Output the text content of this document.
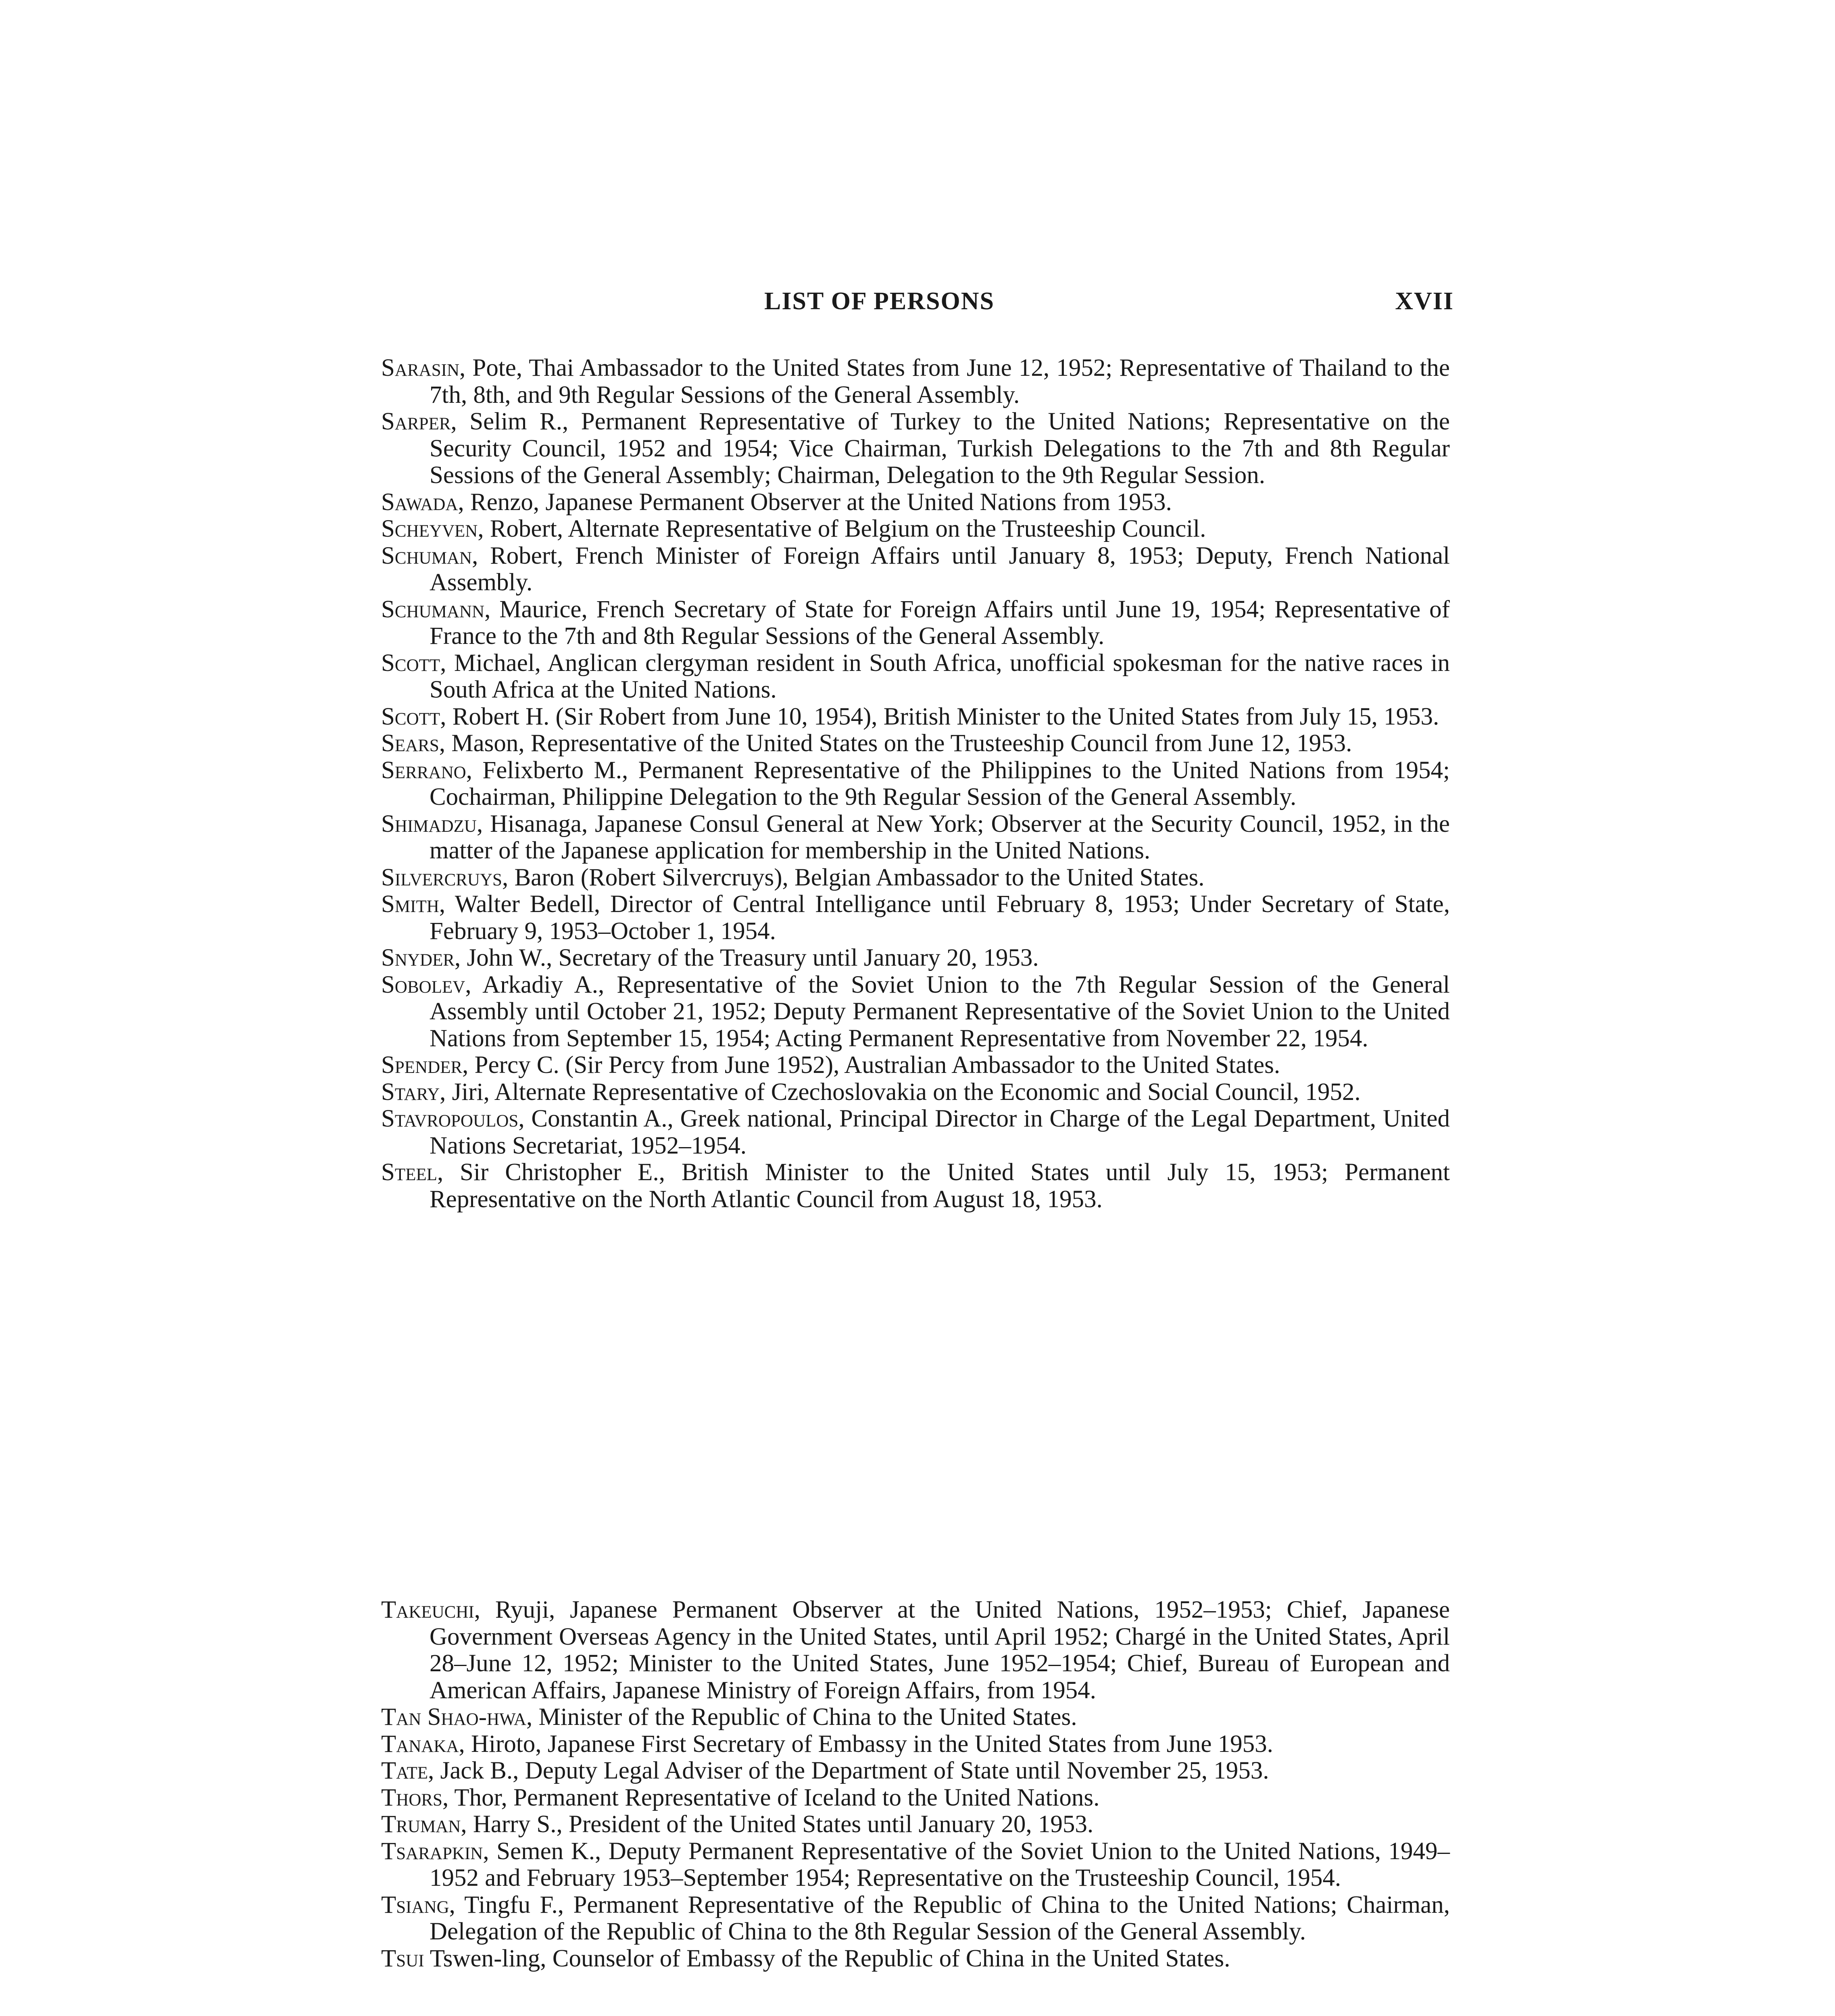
LIST OF PERSONS	XVII

Sarasin, Pote, Thai Ambassador to the United States from June 12, 1952; Representative of Thailand to the 7th, 8th, and 9th Regular Sessions of the General Assembly.

Sarper, Selim R., Permanent Representative of Turkey to the United Nations; Representative on the Security Council, 1952 and 1954; Vice Chairman, Turkish Delegations to the 7th and 8th Regular Sessions of the General Assembly; Chairman, Delegation to the 9th Regular Session.

Sawada, Renzo, Japanese Permanent Observer at the United Nations from 1953.

Scheyven, Robert, Alternate Representative of Belgium on the Trusteeship Council.

Schuman, Robert, French Minister of Foreign Affairs until January 8, 1953; Deputy, French National Assembly.

Schumann, Maurice, French Secretary of State for Foreign Affairs until June 19, 1954; Representative of France to the 7th and 8th Regular Sessions of the General Assembly.

Scott, Michael, Anglican clergyman resident in South Africa, unofficial spokesman for the native races in South Africa at the United Nations.

Scott, Robert H. (Sir Robert from June 10, 1954), British Minister to the United States from July 15, 1953.

Sears, Mason, Representative of the United States on the Trusteeship Council from June 12, 1953.

Serrano, Felixberto M., Permanent Representative of the Philippines to the United Nations from 1954; Cochairman, Philippine Delegation to the 9th Regular Session of the General Assembly.

Shimadzu, Hisanaga, Japanese Consul General at New York; Observer at the Security Council, 1952, in the matter of the Japanese application for membership in the United Nations.

Silvercruys, Baron (Robert Silvercruys), Belgian Ambassador to the United States.

Smith, Walter Bedell, Director of Central Intelligance until February 8, 1953; Under Secretary of State, February 9, 1953–October 1, 1954.

Snyder, John W., Secretary of the Treasury until January 20, 1953.

Sobolev, Arkadiy A., Representative of the Soviet Union to the 7th Regular Session of the General Assembly until October 21, 1952; Deputy Permanent Representative of the Soviet Union to the United Nations from September 15, 1954; Acting Permanent Representative from November 22, 1954.

Spender, Percy C. (Sir Percy from June 1952), Australian Ambassador to the United States.

Stary, Jiri, Alternate Representative of Czechoslovakia on the Economic and Social Council, 1952.

Stavropoulos, Constantin A., Greek national, Principal Director in Charge of the Legal Department, United Nations Secretariat, 1952–1954.

Steel, Sir Christopher E., British Minister to the United States until July 15, 1953; Permanent Representative on the North Atlantic Council from August 18, 1953.

Takeuchi, Ryuji, Japanese Permanent Observer at the United Nations, 1952–1953; Chief, Japanese Government Overseas Agency in the United States, until April 1952; Chargé in the United States, April 28–June 12, 1952; Minister to the United States, June 1952–1954; Chief, Bureau of European and American Affairs, Japanese Ministry of Foreign Affairs, from 1954.

Tan Shao-hwa, Minister of the Republic of China to the United States.

Tanaka, Hiroto, Japanese First Secretary of Embassy in the United States from June 1953.

Tate, Jack B., Deputy Legal Adviser of the Department of State until November 25, 1953.

Thors, Thor, Permanent Representative of Iceland to the United Nations.

Truman, Harry S., President of the United States until January 20, 1953.

Tsarapkin, Semen K., Deputy Permanent Representative of the Soviet Union to the United Nations, 1949–1952 and February 1953–September 1954; Representative on the Trusteeship Council, 1954.

Tsiang, Tingfu F., Permanent Representative of the Republic of China to the United Nations; Chairman, Delegation of the Republic of China to the 8th Regular Session of the General Assembly.

Tsui Tswen-ling, Counselor of Embassy of the Republic of China in the United States.
